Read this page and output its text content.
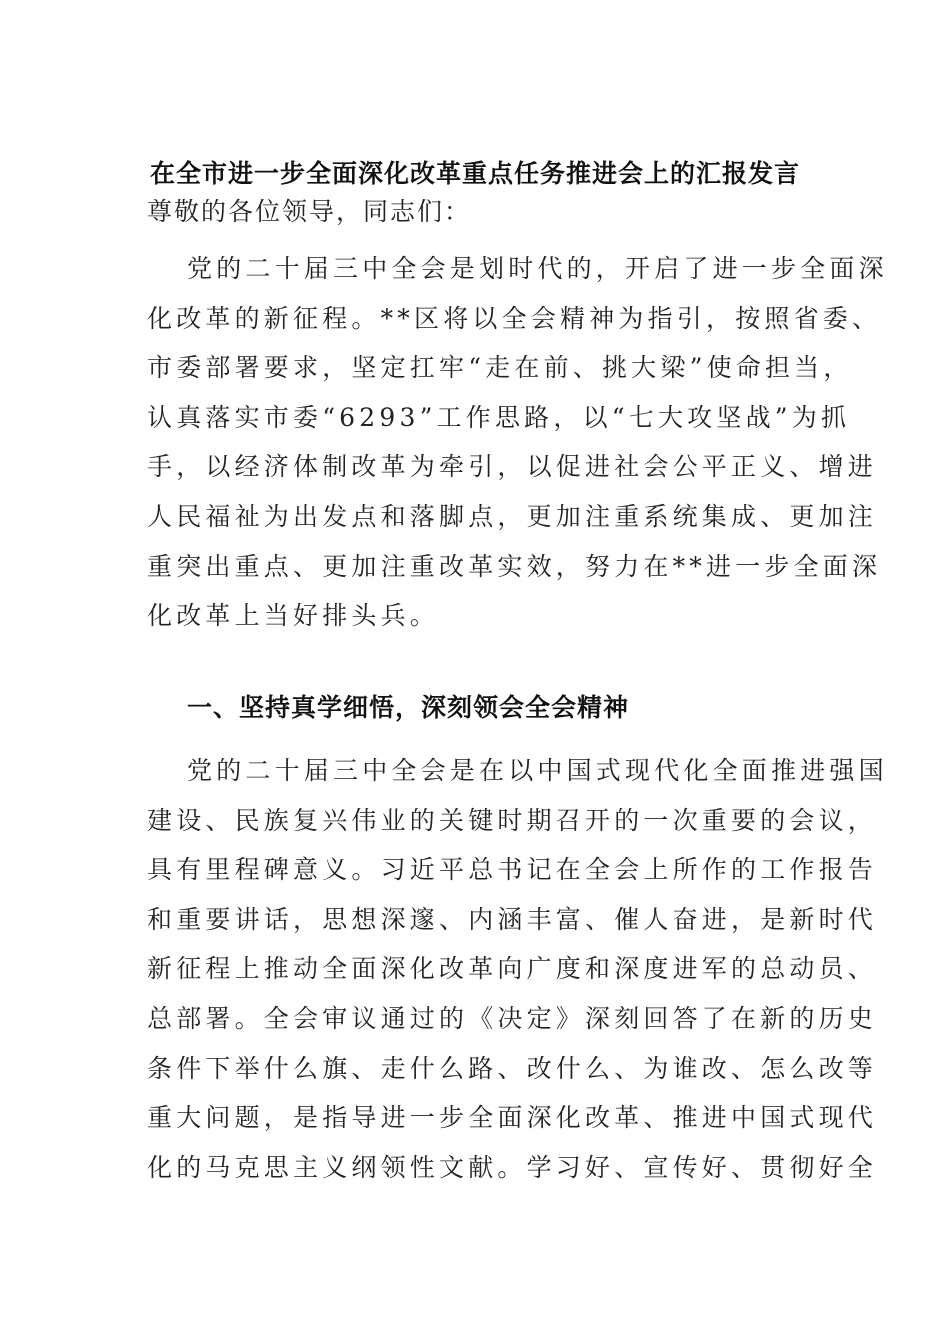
在全市进一步全面深化改革重点任务推进会上的汇报发言
尊敬的各位领导，同志们：
党的二十届三中全会是划时代的，开启了进一步全面深
化改革的新征程。**区将以全会精神为指引，按照省委、
市委部署要求，坚定扛牢“走在前、挑大梁”使命担当，
认真落实市委“6293”工作思路，以“七大攻坚战”为抓
手，以经济体制改革为牵引，以促进社会公平正义、增进
人民福祉为出发点和落脚点，更加注重系统集成、更加注
重突出重点、更加注重改革实效，努力在**进一步全面深
化改革上当好排头兵。
一、坚持真学细悟，深刻领会全会精神
党的二十届三中全会是在以中国式现代化全面推进强国
建设、民族复兴伟业的关键时期召开的一次重要的会议，
具有里程碑意义。习近平总书记在全会上所作的工作报告
和重要讲话，思想深邃、内涵丰富、催人奋进，是新时代
新征程上推动全面深化改革向广度和深度进军的总动员、
总部署。全会审议通过的《决定》深刻回答了在新的历史
条件下举什么旗、走什么路、改什么、为谁改、怎么改等
重大问题，是指导进一步全面深化改革、推进中国式现代
化的马克思主义纲领性文献。学习好、宣传好、贯彻好全
